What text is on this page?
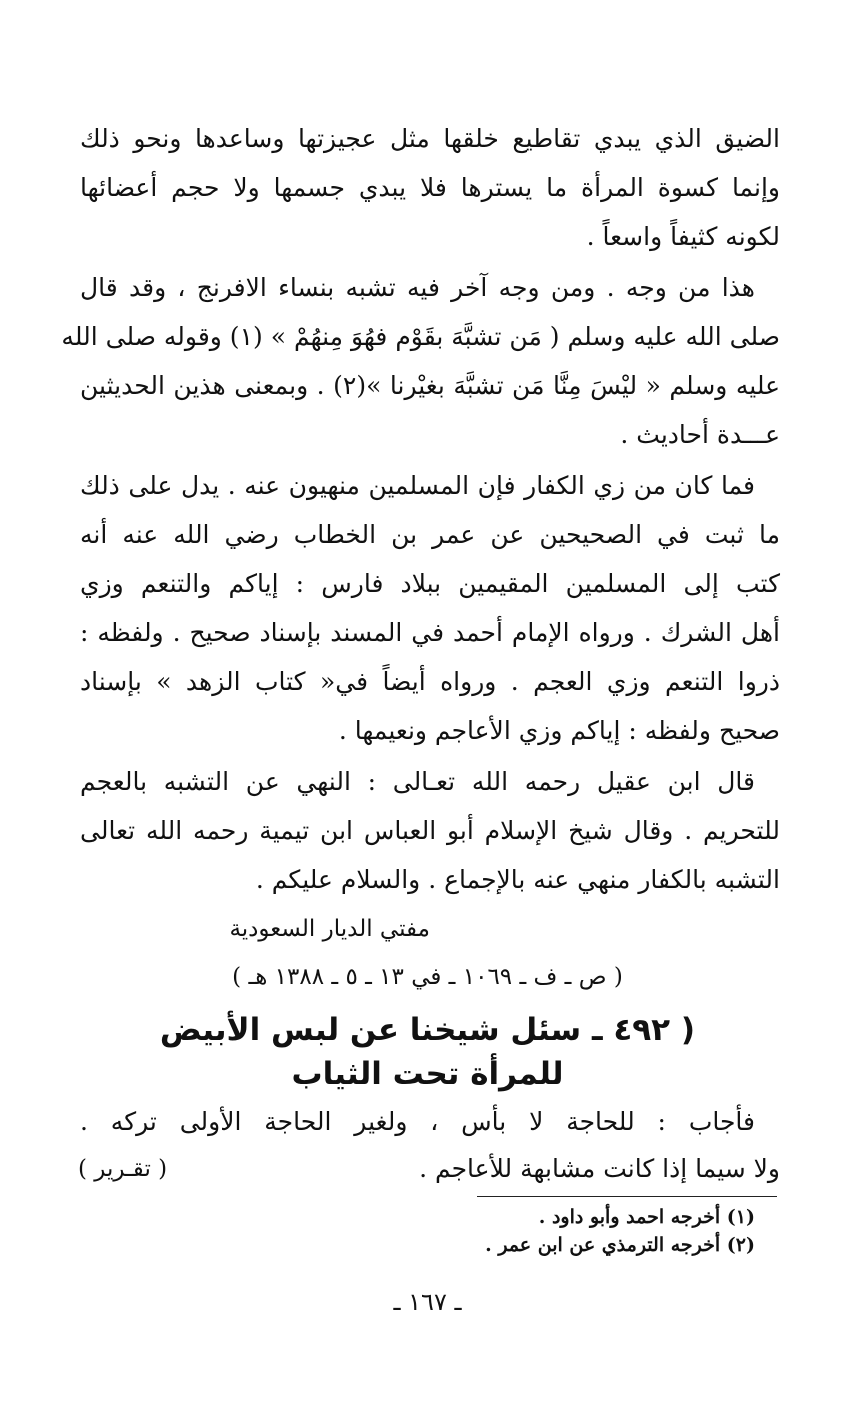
الضيق الذي يبدي تقاطيع خلقها مثل عجيزتها وساعدها ونحو ذلك
وإنما كسوة المرأة ما يسترها فلا يبدي جسمها ولا حجم أعضائها
لكونه كثيفاً واسعاً .
هذا من وجه . ومن وجه آخر فيه تشبه بنساء الافرنج ، وقد قال
صلى الله عليه وسلم ( مَن تشبَّهَ بقَوْم فهُوَ مِنهُمْ » (١) وقوله صلى الله
عليه وسلم « ليْسَ مِنَّا مَن تشبَّهَ بغيْرنا »(٢) . وبمعنى هذين الحديثين
عـــدة أحاديث .
فما كان من زي الكفار فإن المسلمين منهيون عنه . يدل على ذلك
ما ثبت في الصحيحين عن عمر بن الخطاب رضي الله عنه أنه
كتب إلى المسلمين المقيمين ببلاد فارس : إياكم والتنعم وزي
أهل الشرك . ورواه الإمام أحمد في المسند بإسناد صحيح . ولفظه :
ذروا التنعم وزي العجم . ورواه أيضاً في« كتاب الزهد » بإسناد
صحيح ولفظه : إياكم وزي الأعاجم ونعيمها .
قال ابن عقيل رحمه الله تعـالى : النهي عن التشبه بالعجم
للتحريم . وقال شيخ الإسلام أبو العباس ابن تيمية رحمه الله تعالى
التشبه بالكفار منهي عنه بالإجماع . والسلام عليكم .
مفتي الديار السعودية
( ص ـ ف ـ ١٠٦٩ ـ في ١٣ ـ ٥ ـ ١٣٨٨ هـ )
( ٤٩٢ ـ سئل شيخنا عن لبس الأبيض
للمرأة تحت الثياب
فأجاب : للحاجة لا بأس ، ولغير الحاجة الأولى تركه .
ولا سيما إذا كانت مشابهة للأعاجم .
( تقـرير )
(١) أخرجه احمد وأبو داود .
(٢) أخرجه الترمذي عن ابن عمر .
ـ ١٦٧ ـ
